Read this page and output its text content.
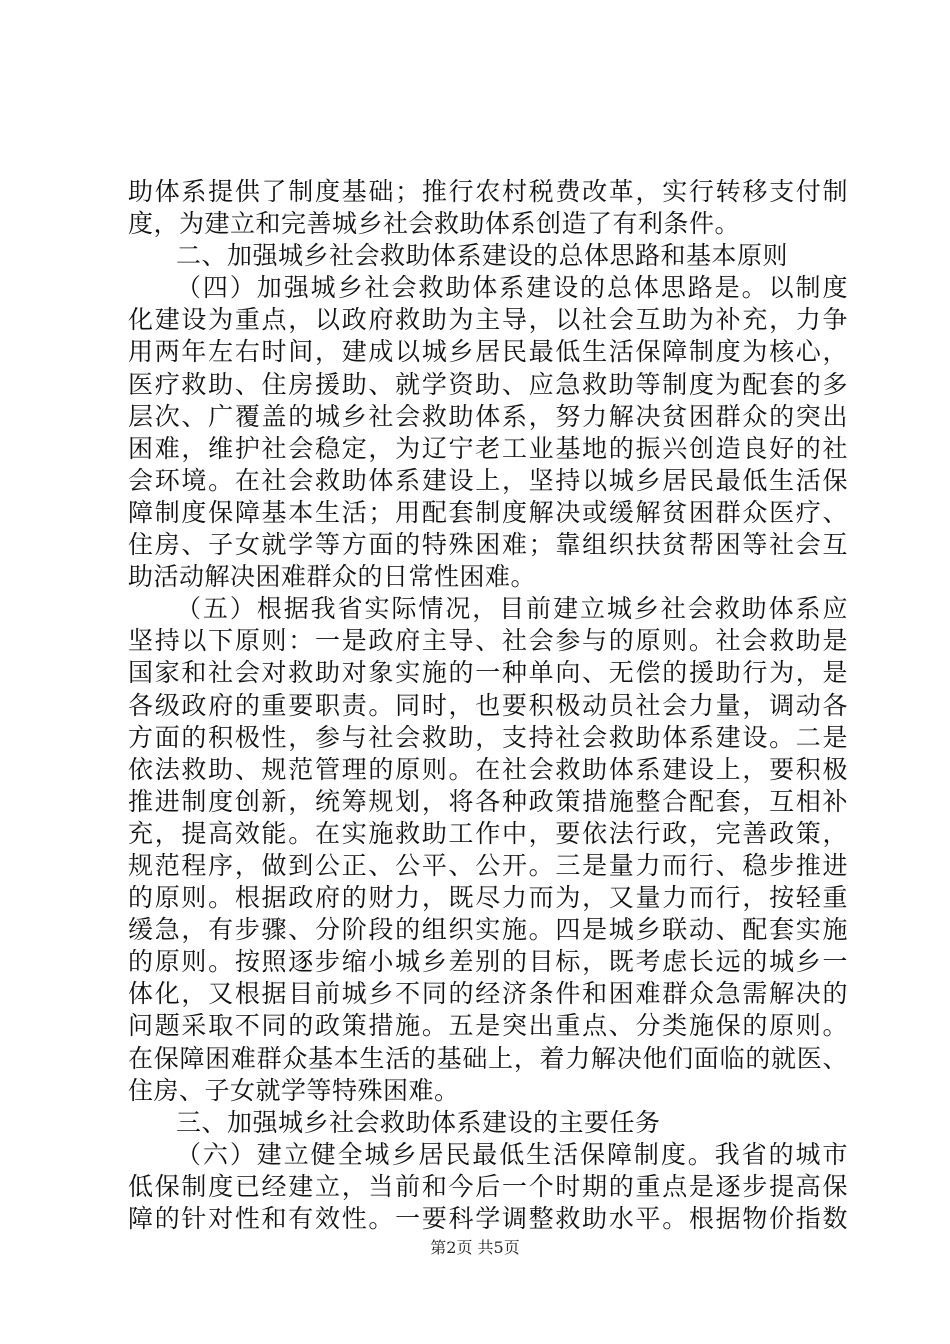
助体系提供了制度基础；推行农村税费改革，实行转移支付制
度，为建立和完善城乡社会救助体系创造了有利条件。
二、加强城乡社会救助体系建设的总体思路和基本原则
（四）加强城乡社会救助体系建设的总体思路是。以制度
化建设为重点，以政府救助为主导，以社会互助为补充，力争
用两年左右时间，建成以城乡居民最低生活保障制度为核心，
医疗救助、住房援助、就学资助、应急救助等制度为配套的多
层次、广覆盖的城乡社会救助体系，努力解决贫困群众的突出
困难，维护社会稳定，为辽宁老工业基地的振兴创造良好的社
会环境。在社会救助体系建设上，坚持以城乡居民最低生活保
障制度保障基本生活；用配套制度解决或缓解贫困群众医疗、
住房、子女就学等方面的特殊困难；靠组织扶贫帮困等社会互
助活动解决困难群众的日常性困难。
（五）根据我省实际情况，目前建立城乡社会救助体系应
坚持以下原则：一是政府主导、社会参与的原则。社会救助是
国家和社会对救助对象实施的一种单向、无偿的援助行为，是
各级政府的重要职责。同时，也要积极动员社会力量，调动各
方面的积极性，参与社会救助，支持社会救助体系建设。二是
依法救助、规范管理的原则。在社会救助体系建设上，要积极
推进制度创新，统筹规划，将各种政策措施整合配套，互相补
充，提高效能。在实施救助工作中，要依法行政，完善政策，
规范程序，做到公正、公平、公开。三是量力而行、稳步推进
的原则。根据政府的财力，既尽力而为，又量力而行，按轻重
缓急，有步骤、分阶段的组织实施。四是城乡联动、配套实施
的原则。按照逐步缩小城乡差别的目标，既考虑长远的城乡一
体化，又根据目前城乡不同的经济条件和困难群众急需解决的
问题采取不同的政策措施。五是突出重点、分类施保的原则。
在保障困难群众基本生活的基础上，着力解决他们面临的就医、
住房、子女就学等特殊困难。
三、加强城乡社会救助体系建设的主要任务
（六）建立健全城乡居民最低生活保障制度。我省的城市
低保制度已经建立，当前和今后一个时期的重点是逐步提高保
障的针对性和有效性。一要科学调整救助水平。根据物价指数
第2页 共5页
